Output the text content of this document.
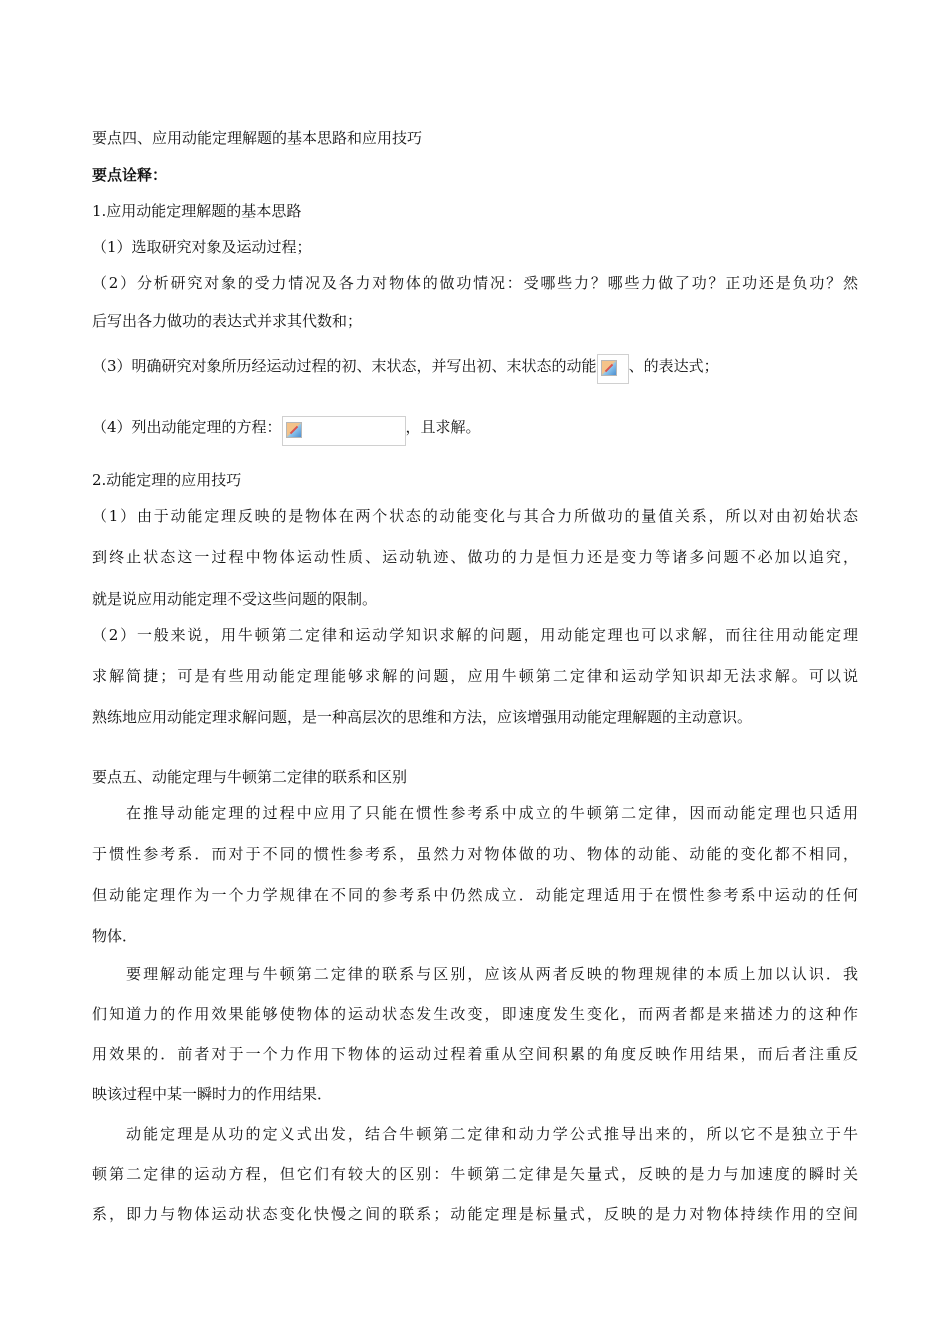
要点四、应用动能定理解题的基本思路和应用技巧
要点诠释：
1.应用动能定理解题的基本思路
（1）选取研究对象及运动过程；
（2）分析研究对象的受力情况及各力对物体的做功情况：受哪些力？哪些力做了功？正功还是负功？然
后写出各力做功的表达式并求其代数和；
（3）明确研究对象所历经运动过程的初、末状态，并写出初、末状态的动能 、的表达式；
（4）列出动能定理的方程：	，且求解。
2.动能定理的应用技巧
（1）由于动能定理反映的是物体在两个状态的动能变化与其合力所做功的量值关系，所以对由初始状态
到终止状态这一过程中物体运动性质、运动轨迹、做功的力是恒力还是变力等诸多问题不必加以追究，
就是说应用动能定理不受这些问题的限制。
（2）一般来说，用牛顿第二定律和运动学知识求解的问题，用动能定理也可以求解，而往往用动能定理
求解简捷；可是有些用动能定理能够求解的问题，应用牛顿第二定律和运动学知识却无法求解。可以说
熟练地应用动能定理求解问题，是一种高层次的思维和方法，应该增强用动能定理解题的主动意识。
要点五、动能定理与牛顿第二定律的联系和区别
在推导动能定理的过程中应用了只能在惯性参考系中成立的牛顿第二定律，因而动能定理也只适用
于惯性参考系．而对于不同的惯性参考系，虽然力对物体做的功、物体的动能、动能的变化都不相同，
但动能定理作为一个力学规律在不同的参考系中仍然成立．动能定理适用于在惯性参考系中运动的任何
物体．
要理解动能定理与牛顿第二定律的联系与区别，应该从两者反映的物理规律的本质上加以认识．我
们知道力的作用效果能够使物体的运动状态发生改变，即速度发生变化，而两者都是来描述力的这种作
用效果的．前者对于一个力作用下物体的运动过程着重从空间积累的角度反映作用结果，而后者注重反
映该过程中某一瞬时力的作用结果．
动能定理是从功的定义式出发，结合牛顿第二定律和动力学公式推导出来的，所以它不是独立于牛
顿第二定律的运动方程，但它们有较大的区别：牛顿第二定律是矢量式，反映的是力与加速度的瞬时关
系，即力与物体运动状态变化快慢之间的联系；动能定理是标量式，反映的是力对物体持续作用的空间
